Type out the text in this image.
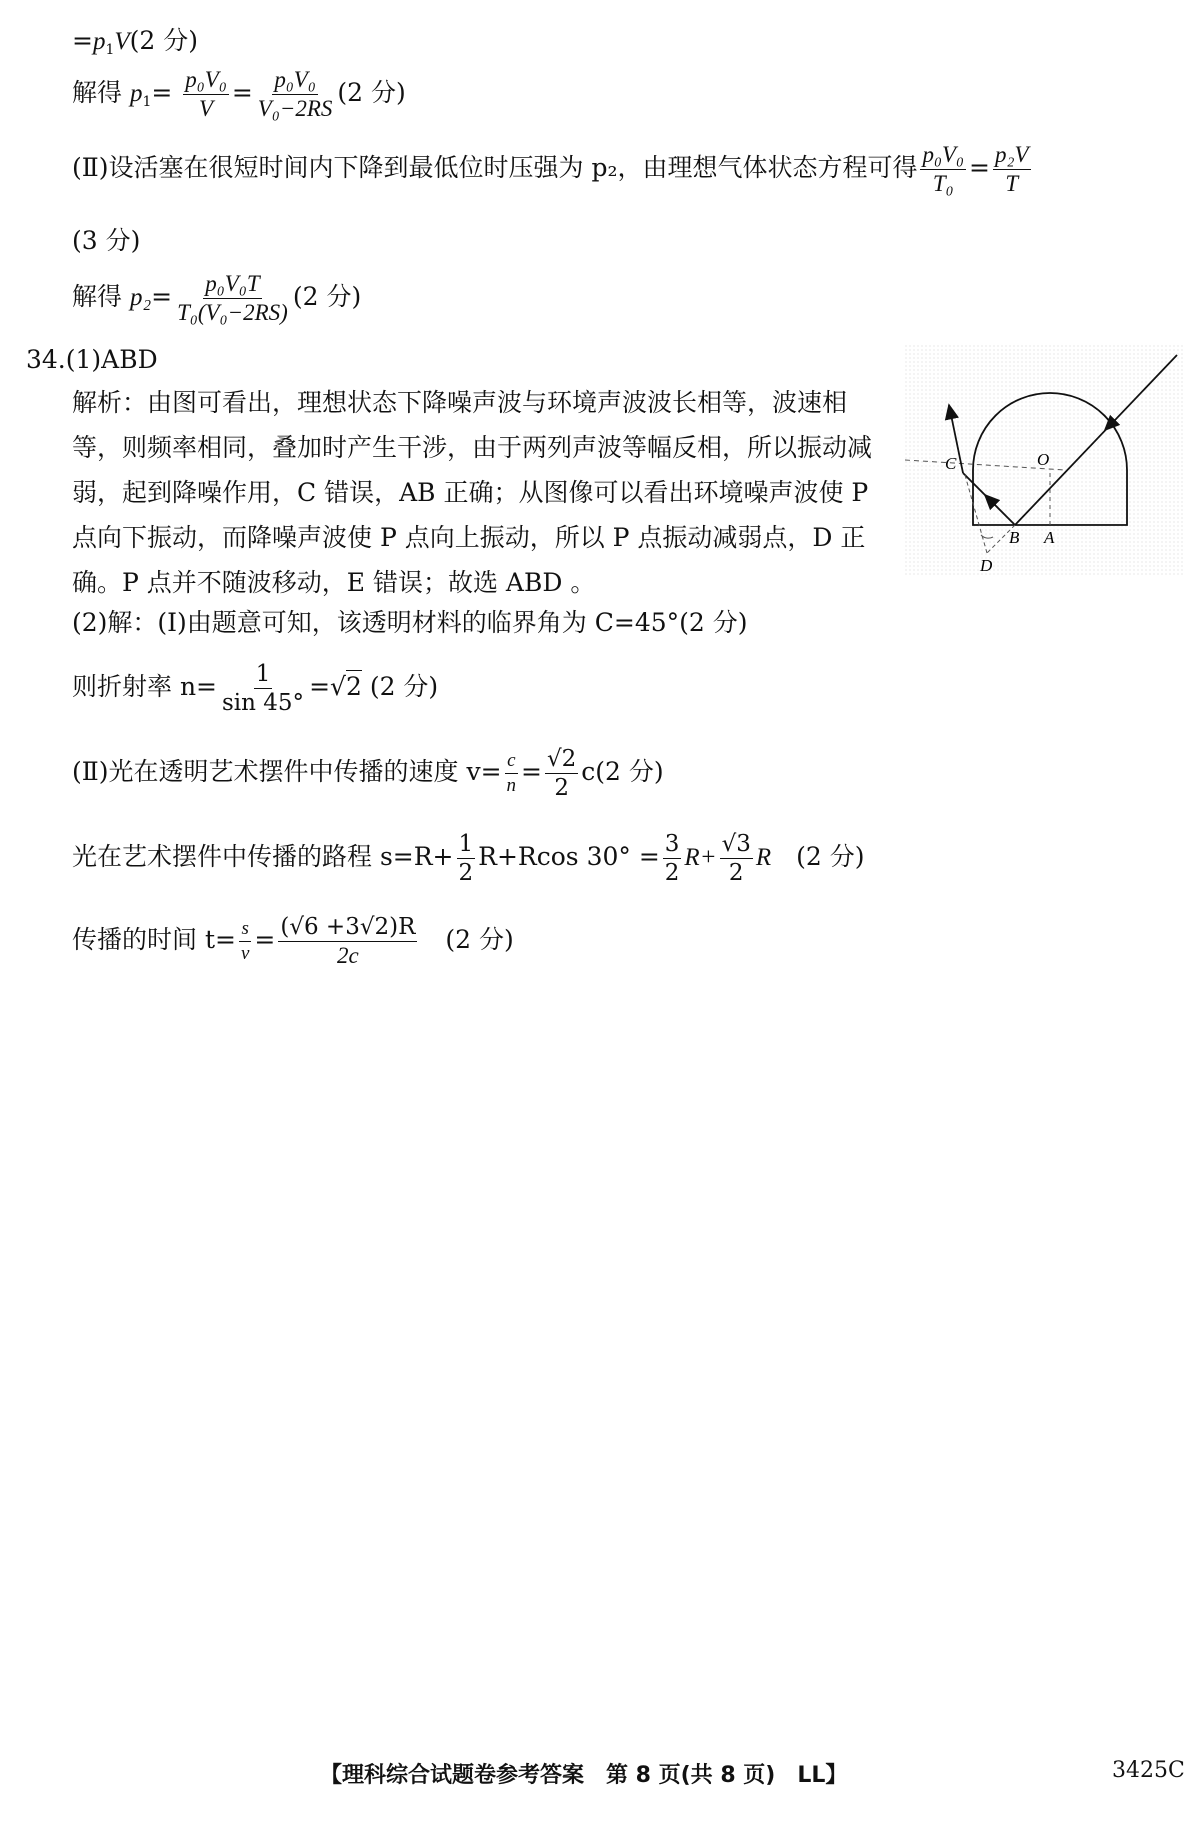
$=p_1V(2$ 分)
解得 $p_1= \frac{\text{p₀V₀}}{V} = \frac{\text{p₀V₀}}{\text{V₀−2RS}} (2$ 分)
(Ⅱ)设活塞在很短时间内下降到最低位时压强为 p₂，由理想气体状态方程可得 $\frac{\text{p₀V₀}}{\text{T₀}} = \frac{\text{p₂V}}{T}$
(3 分)
解得 $p_2= \frac{\text{p₀V₀T}}{\text{T₀(V₀−2RS)}} (2$ 分)
34.(1)ABD
解析：由图可看出，理想状态下降噪声波与环境声波波长相等，波速相等，则频率相同，叠加时产生干涉，由于两列声波等幅反相，所以振动减弱，起到降噪作用，C 错误，AB 正确；从图像可以看出环境噪声波使 P 点向下振动，而降噪声波使 P 点向上振动，所以 P 点振动减弱点，D 正确。P 点并不随波移动，E 错误；故选 ABD 。
(2)解：(Ⅰ)由题意可知，该透明材料的临界角为 C=45°(2 分)
则折射率 $n= \frac{1}{\sin 45^\circ} =√2$ (2 分)
(Ⅱ)光在透明艺术摆件中传播的速度 $v= \frac{c}{n} = \frac{√2}{2} c(2$ 分)
光在艺术摆件中传播的路程 $s=R+ \frac{1}{2} R+Rcos$ $30^\circ = \frac{3}{2} R+ \frac{√3}{2}$ R　 (2 分)
传播的时间 $t= \frac{s}{v} = \frac{(√6 +3√2)R}{2c}$
　 (2 分)
C	O
B A
D
【理科综合试题卷参考答案　第 8 页(共 8 页)　LL】	3425C
